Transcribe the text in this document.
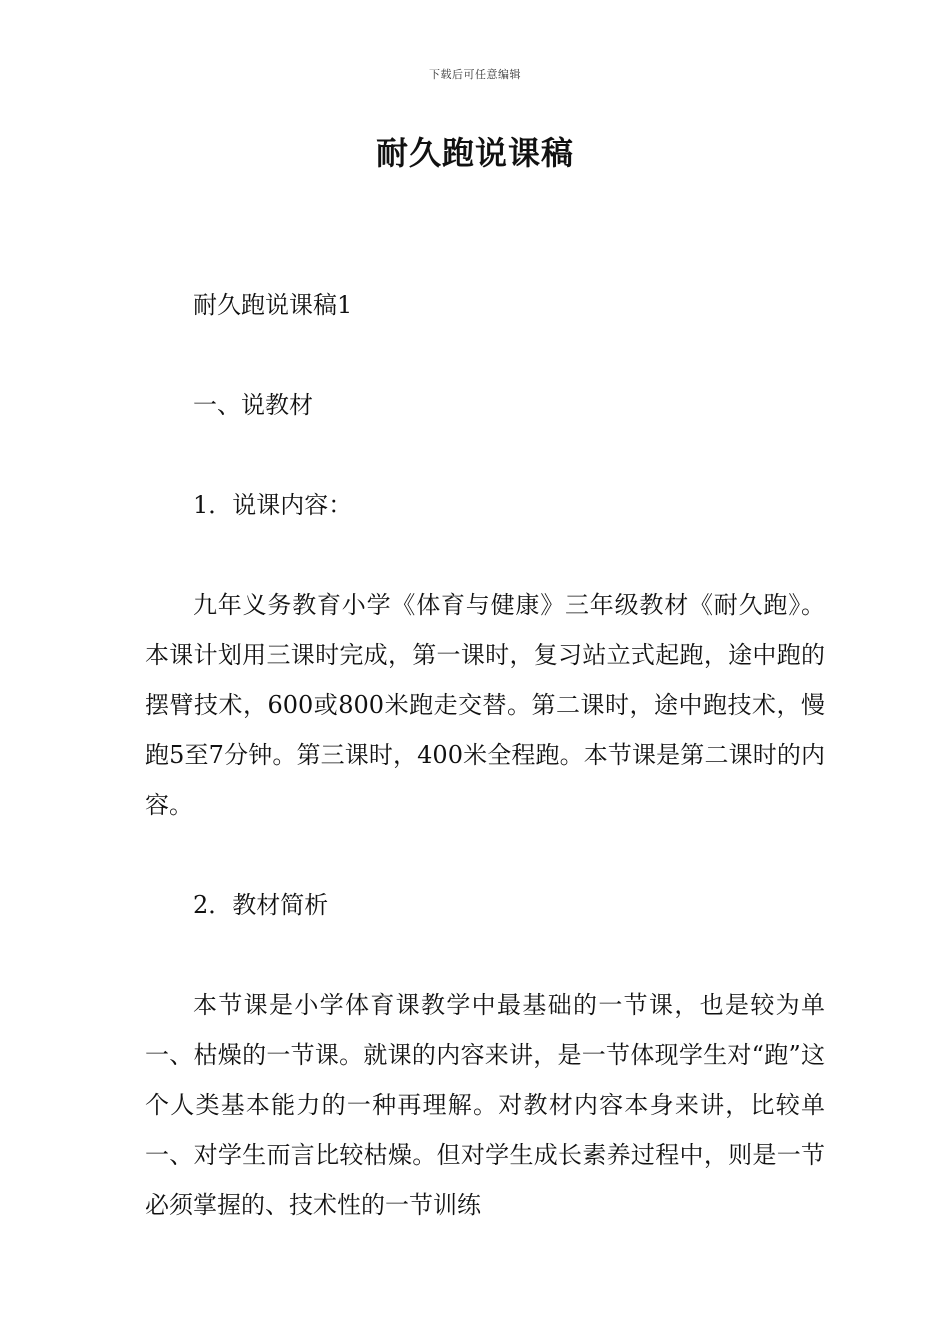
下载后可任意编辑
耐久跑说课稿

耐久跑说课稿1

一、说教材

1．说课内容：

九年义务教育小学《体育与健康》三年级教材《耐久跑》。本课计划用三课时完成，第一课时，复习站立式起跑，途中跑的摆臂技术，600或800米跑走交替。第二课时，途中跑技术，慢跑5至7分钟。第三课时，400米全程跑。本节课是第二课时的内容。

2．教材简析

本节课是小学体育课教学中最基础的一节课，也是较为单一、枯燥的一节课。就课的内容来讲，是一节体现学生对“跑”这个人类基本能力的一种再理解。对教材内容本身来讲，比较单一、对学生而言比较枯燥。但对学生成长素养过程中，则是一节必须掌握的、技术性的一节训练
